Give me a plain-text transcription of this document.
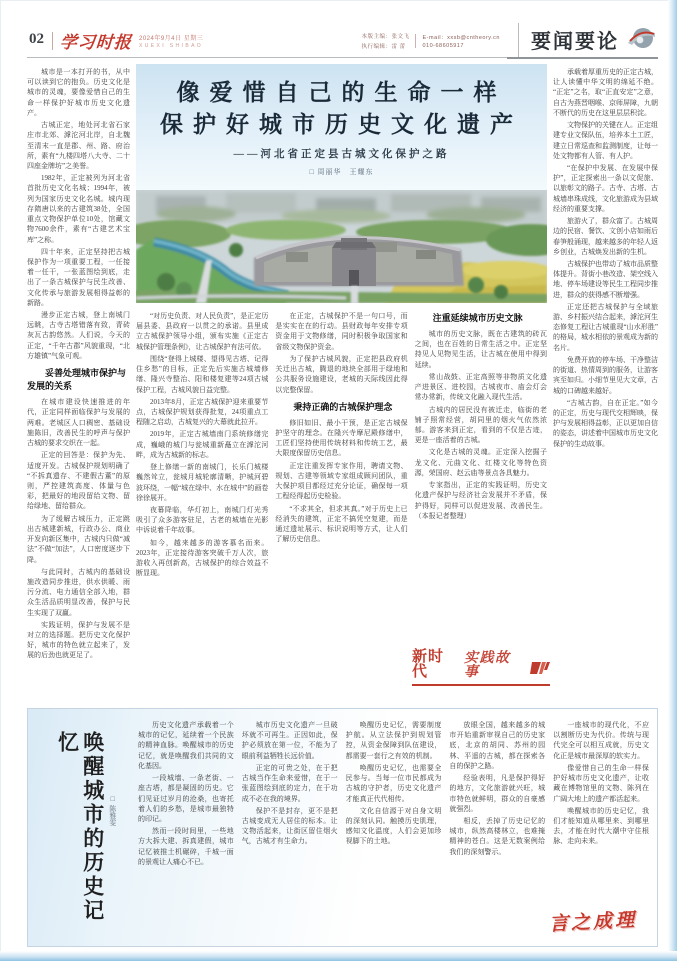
02 学习时报 2024年9月4日 星期三
XUEXI SHIBAO
本版主编：张文飞
执行编辑：雷 蕾
E-mail：xxsb@cntheory.cn
010-68605917	要闻要论

城市是一本打开的书，从中可以读到它的抱负。历史文化是城市的灵魂，要像爱惜自己的生命一样保护好城市历史文化遗产。

古城正定，地处河北省石家庄市北郊、滹沱河北岸，自北魏至清末一直是郡、州、路、府治所，素有“九楼四塔八大寺、二十四座金牌坊”之美誉。

1982年，正定被列为河北省首批历史文化名城；1994年，被列为国家历史文化名城。城内现存隋唐以来的古建筑38处，全国重点文物保护单位10处，馆藏文物7600余件，素有“古建艺术宝库”之称。

四十年来，正定坚持把古城保护作为一项重要工程，一任接着一任干，一张蓝图绘到底，走出了一条古城保护与民生改善、文化传承与旅游发展相得益彰的新路。

漫步正定古城，登上南城门远眺，古寺古塔错落有致，青砖灰瓦古韵悠然。人们说，今天的正定，“千年古郡”风貌重现，“北方雄镇”气象可观。

妥善处理城市保护与发展的关系

在城市建设快速推进的年代，正定同样面临保护与发展的两难。老城区人口稠密、基础设施陈旧，改善民生的呼声与保护古城的要求交织在一起。

正定的回答是：保护为先、适度开发。古城保护规划明确了“不拆真遗存、不建假古董”的原则，严控建筑高度、体量与色彩，把最好的地段留给文物、留给绿地、留给群众。

为了缓解古城压力，正定跳出古城建新城，行政办公、商业开发向新区集中，古城内只做“减法”不做“加法”，人口密度逐步下降。

与此同时，古城内的基础设施改造同步推进，供水供暖、雨污分流、电力通信全部入地，群众生活品质明显改善，保护与民生实现了双赢。

实践证明，保护与发展不是对立的选择题。把历史文化保护好，城市的特色就立起来了，发展的后劲也就更足了。

像爱惜自己的生命一样
保护好城市历史文化遗产
——河北省正定县古城文化保护之路
□ 周丽华　王耀东

“对历史负责、对人民负责”，是正定历届县委、县政府一以贯之的承诺。县里成立古城保护领导小组，颁布实施《正定古城保护管理条例》，让古城保护有法可依。

围绕“登得上城楼、望得见古塔、记得住乡愁”的目标，正定先后实施古城墙修缮、隆兴寺整治、阳和楼复建等24项古城保护工程，古城风貌日益完整。

2013年8月，正定古城保护迎来重要节点，古城保护规划获得批复，24项重点工程随之启动，古城复兴的大幕就此拉开。

2019年，正定古城墙南门系统修缮完成，巍峨的城门与瓮城重新矗立在滹沱河畔，成为古城新的标志。

登上修缮一新的南城门，长乐门城楼巍然耸立，瓮城月城轮廓清晰，护城河碧波环绕，一幅“城在绿中、水在城中”的画卷徐徐展开。

夜幕降临，华灯初上，南城门灯光秀吸引了众多游客驻足，古老的城墙在光影中诉说着千年故事。

如今，越来越多的游客慕名而来。2023年，正定接待游客突破千万人次，旅游收入再创新高，古城保护的综合效益不断显现。

在正定，古城保护不是一句口号，而是实实在在的行动。县财政每年安排专项资金用于文物修缮，同时积极争取国家和省级文物保护资金。

为了保护古城风貌，正定把县政府机关迁出古城，腾退的地块全部用于绿地和公共服务设施建设，老城的天际线因此得以完整保留。

秉持正确的古城保护理念

修旧如旧、最小干预，是正定古城保护坚守的理念。在隆兴寺摩尼殿修缮中，工匠们坚持使用传统材料和传统工艺，最大限度保留历史信息。

正定注重发挥专家作用，聘请文物、规划、古建等领域专家组成顾问团队，重大保护项目都经过充分论证，确保每一项工程经得起历史检验。

“不求其全，但求其真。”对于历史上已经消失的建筑，正定不搞凭空复建，而是通过遗址展示、标识说明等方式，让人们了解历史信息。

注重延续城市历史文脉

城市的历史文脉，既在古建筑的砖瓦之间，也在百姓的日常生活之中。正定坚持见人见物见生活，让古城在使用中得到延续。

常山战鼓、正定高照等非物质文化遗产进景区、进校园，古城夜市、庙会灯会常办常新，传统文化融入现代生活。

古城内的居民没有被迁走，临街的老铺子照常经营，胡同里的烟火气依然浓郁。游客来到正定，看到的不仅是古迹，更是一座活着的古城。

文化是古城的灵魂。正定深入挖掘子龙文化、元曲文化、红楼文化等特色资源，荣国府、赵云庙等景点各具魅力。

专家指出，正定的实践证明，历史文化遗产保护与经济社会发展并不矛盾，保护得好，同样可以促进发展、改善民生。（本报记者整理）

新时代
实践故事

承载着厚重历史的正定古城，让人读懂中华文明的绵延不绝。“正定”之名，取“正直安定”之意，自古为燕晋咽喉、京师屏障，九朝不断代的历史在这里层层积淀。

文物保护的关键在人。正定组建专业文保队伍，培养本土工匠，建立日常巡查和监测制度，让每一处文物都有人管、有人护。

“在保护中发展、在发展中保护”，正定探索出一条以文促旅、以旅彰文的路子。古寺、古塔、古城墙串珠成线，文化旅游成为县域经济的重要支撑。

旅游火了，群众富了。古城周边的民宿、餐饮、文创小店如雨后春笋般涌现，越来越多的年轻人返乡创业，古城焕发出新的生机。

古城保护也带动了城市品质整体提升。背街小巷改造、架空线入地、停车场建设等民生工程同步推进，群众的获得感不断增强。

正定还把古城保护与全域旅游、乡村振兴结合起来，滹沱河生态修复工程让古城重现“山水形胜”的格局，城水相依的景观成为新的名片。

免费开放的停车场、干净整洁的街道、热情周到的服务，让游客宾至如归。小细节里见大文章，古城的口碑越来越好。

“古城古韵，自在正定。”如今的正定，历史与现代交相辉映，保护与发展相得益彰，正以更加自信的姿态，讲述着中国城市历史文化保护的生动故事。

唤醒城市的历史记忆
□ 陈雅雯

历史文化遗产承载着一个城市的记忆，延续着一个民族的精神血脉。唤醒城市的历史记忆，就是唤醒我们共同的文化基因。

一段城墙、一条老街、一座古塔，都是凝固的历史。它们见证过岁月的沧桑，也寄托着人们的乡愁，是城市最独特的印记。

然而一段时间里，一些地方大拆大建、拆真建假，城市记忆被推土机碾碎，千城一面的景观让人痛心不已。

城市历史文化遗产一旦破坏就不可再生。正因如此，保护必须放在第一位，不能为了眼前利益牺牲长远价值。

正定的可贵之处，在于把古城当作生命来爱惜，在于一张蓝图绘到底的定力，在于功成不必在我的境界。

保护不是封存，更不是把古城变成无人居住的标本。让文物活起来，让街区留住烟火气，古城才有生命力。

唤醒历史记忆，需要制度护航。从立法保护到规划管控，从资金保障到队伍建设，都需要一套行之有效的机制。

唤醒历史记忆，也需要全民参与。当每一位市民都成为古城的守护者，历史文化遗产才能真正代代相传。

文化自信源于对自身文明的深刻认同。触摸历史肌理，感知文化温度，人们会更加珍视脚下的土地。

放眼全国，越来越多的城市开始重新审视自己的历史家底，北京的胡同、苏州的园林、平遥的古城，都在探索各自的保护之路。

经验表明，凡是保护得好的地方，文化旅游就兴旺，城市特色就鲜明，群众的自豪感就强烈。

相反，丢掉了历史记忆的城市，纵然高楼林立，也难掩精神的苍白。这是无数案例给我们的深刻警示。

一座城市的现代化，不应以割断历史为代价。传统与现代完全可以相互成就，历史文化正是城市最深厚的软实力。

像爱惜自己的生命一样保护好城市历史文化遗产，让收藏在博物馆里的文物、陈列在广阔大地上的遗产都活起来。

唤醒城市的历史记忆，我们才能知道从哪里来、到哪里去，才能在时代大潮中守住根脉、走向未来。

言之成理
